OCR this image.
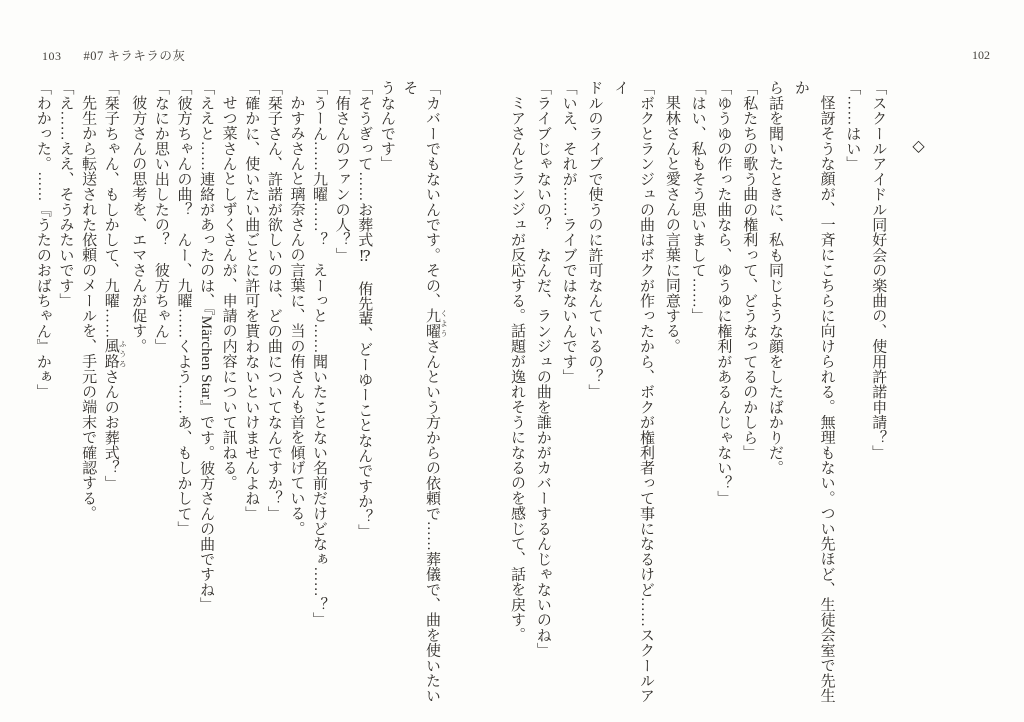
103 #07 キラキラの灰	102
◇
「スクールアイドル同好会の楽曲の、使用許諾申請？」
「……はい」
怪訝そうな顔が、一斉にこちらに向けられる。無理もない。つい先ほど、生徒会室で先生か
ら話を聞いたときに、私も同じような顔をしたばかりだ。
「私たちの歌う曲の権利って、どうなってるのかしら」
「ゆうゆの作った曲なら、ゆうゆに権利があるんじゃない？」
「はい、私もそう思いまして……」
果林さんと愛さんの言葉に同意する。
「ボクとランジュの曲はボクが作ったから、ボクが権利者って事になるけど……スクールアイ
ドルのライブで使うのに許可なんているの？」
「いえ、それが……ライブではないんです」
「ライブじゃないの？　なんだ、ランジュの曲を誰かがカバーするんじゃないのね」
ミアさんとランジュが反応する。話題が逸れそうになるのを感じて、話を戻す。
「カバーでもないんです。その、九曜 くようさんという方からの依頼で……葬儀で、曲を使いたいそ
うなんです」
「そうぎって……お葬式⁉　侑先輩、どーゆーことなんですか？」
「侑さんのファンの人？」
「うーん……九曜……？　えーっと……聞いたことない名前だけどなぁ……？」
かすみさんと璃奈さんの言葉に、当の侑さんも首を傾げている。
「栞子さん、許諾が欲しいのは、どの曲についてなんですか？」
「確かに、使いたい曲ごとに許可を貰わないといけませんよね」
せつ菜さんとしずくさんが、申請の内容について訊ねる。
「ええと……連絡があったのは、『Märchen Star』です。彼方さんの曲ですね」
「彼方ちゃんの曲？　んー、九曜……くよう……あ、もしかして」
「なにか思い出したの？　彼方ちゃん」
彼方さんの思考を、エマさんが促す。
「栞子ちゃん、もしかして、九曜……風路 ふうろさんのお葬式？」
先生から転送された依頼のメールを、手元の端末で確認する。
「え……ええ、そうみたいです」
「わかった。……『うたのおばちゃん』かぁ」
